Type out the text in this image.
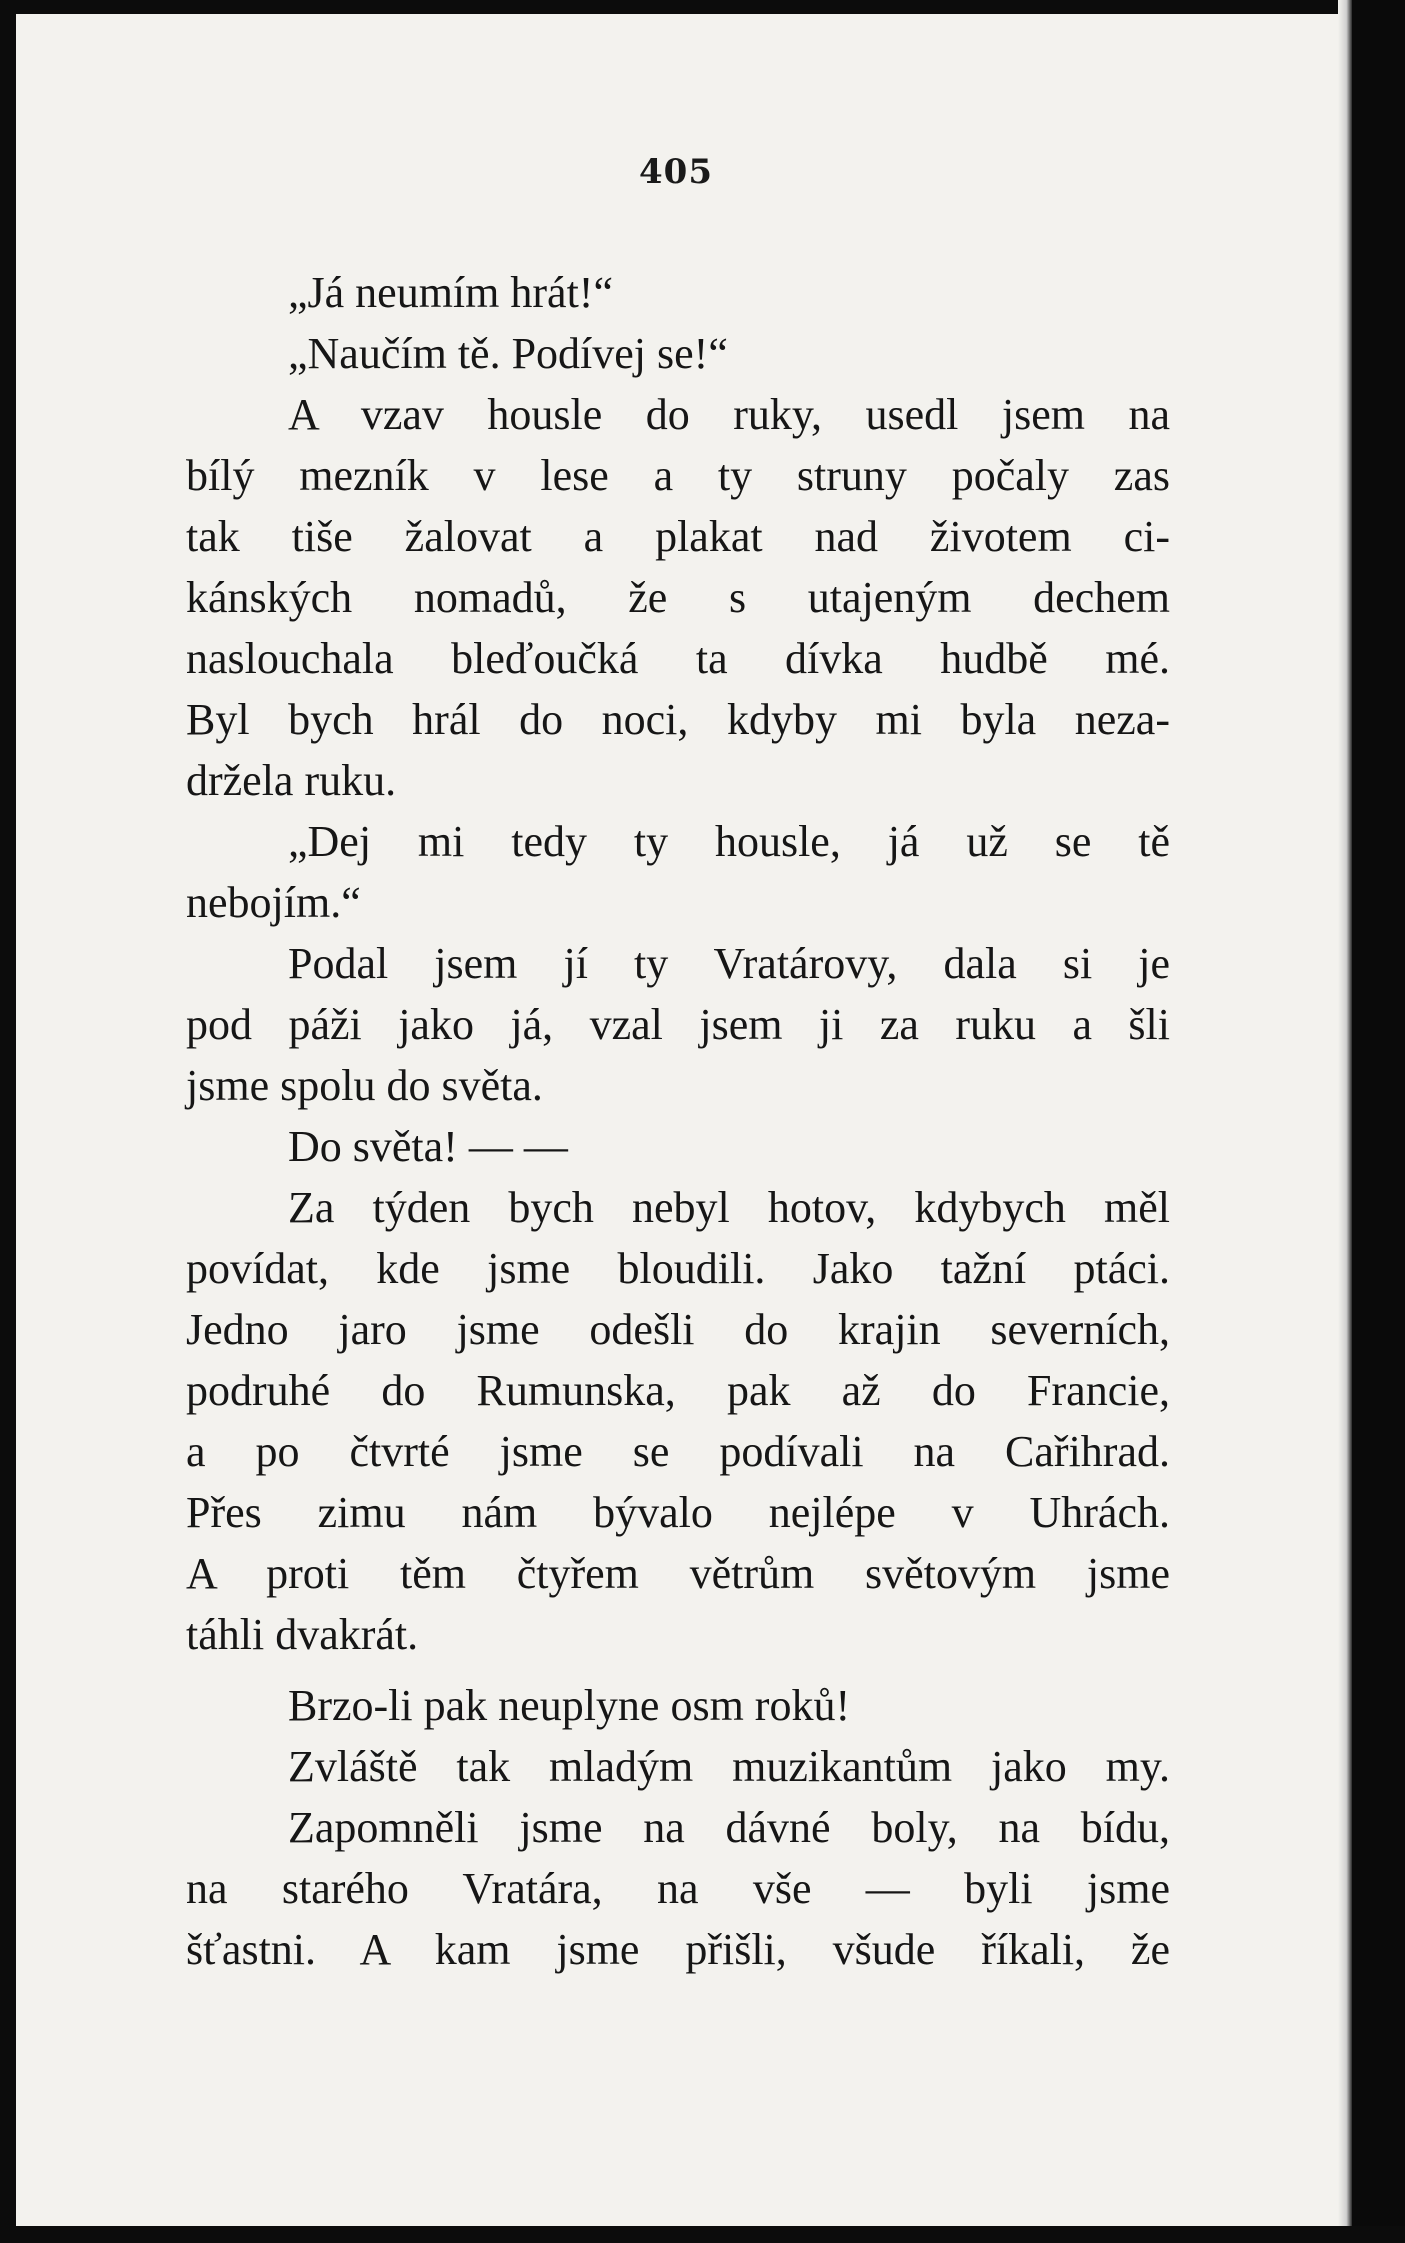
405
„Já neumím hrát!“
„Naučím tě. Podívej se!“
A vzav housle do ruky, usedl jsem na
bílý mezník v lese a ty struny počaly zas
tak tiše žalovat a plakat nad životem ci-
kánských nomadů, že s utajeným dechem
naslouchala bleďoučká ta dívka hudbě mé.
Byl bych hrál do noci, kdyby mi byla neza-
držela ruku.
„Dej mi tedy ty housle, já už se tě
nebojím.“
Podal jsem jí ty Vratárovy, dala si je
pod páži jako já, vzal jsem ji za ruku a šli
jsme spolu do světa.
Do světa! — —
Za týden bych nebyl hotov, kdybych měl
povídat, kde jsme bloudili. Jako tažní ptáci.
Jedno jaro jsme odešli do krajin severních,
podruhé do Rumunska, pak až do Francie,
a po čtvrté jsme se podívali na Cařihrad.
Přes zimu nám bývalo nejlépe v Uhrách.
A proti těm čtyřem větrům světovým jsme
táhli dvakrát.
Brzo-li pak neuplyne osm roků!
Zvláště tak mladým muzikantům jako my.
Zapomněli jsme na dávné boly, na bídu,
na starého Vratára, na vše — byli jsme
šťastni. A kam jsme přišli, všude říkali, že
